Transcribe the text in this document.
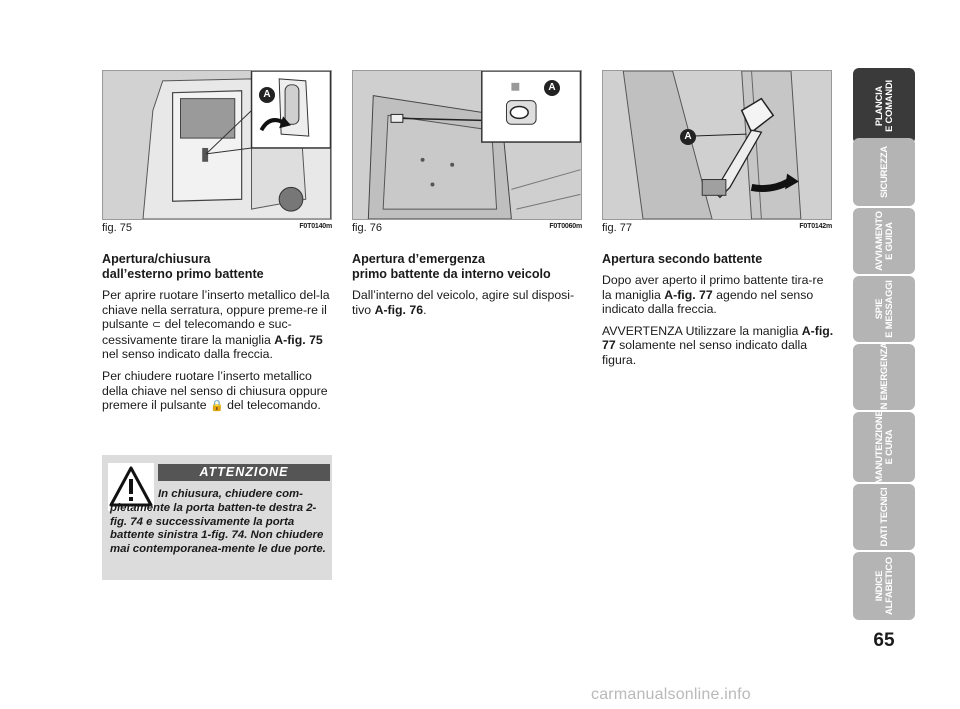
A
fig. 75	F0T0140m
A
fig. 76	F0T0060m
A
fig. 77	F0T0142m
Apertura/chiusura
dall’esterno primo battente

Per aprire ruotare l’inserto metallico del-la chiave nella serratura, oppure preme-re il pulsante ⊂ del telecomando e suc-cessivamente tirare la maniglia A-fig. 75 nel senso indicato dalla freccia.

Per chiudere ruotare l’inserto metallico della chiave nel senso di chiusura oppure premere il pulsante 🔒 del telecomando.

Apertura d’emergenza
primo battente da interno veicolo

Dall’interno del veicolo, agire sul disposi-tivo A-fig. 76.

Apertura secondo battente

Dopo aver aperto il primo battente tira-re la maniglia A-fig. 77 agendo nel senso indicato dalla freccia.

AVVERTENZA Utilizzare la maniglia A-fig. 77 solamente nel senso indicato dalla figura.

ATTENZIONE
In chiusura, chiudere com-pletamente la porta batten-te destra 2-fig. 74 e successivamente la porta battente sinistra 1-fig. 74. Non chiudere mai contemporanea-mente le due porte.
PLANCIA
E COMANDI
SICUREZZA
AVVIAMENTO
E GUIDA
SPIE
E MESSAGGI
IN EMERGENZA
MANUTENZIONE
E CURA
DATI TECNICI
INDICE
ALFABETICO
65
carmanualsonline.info
